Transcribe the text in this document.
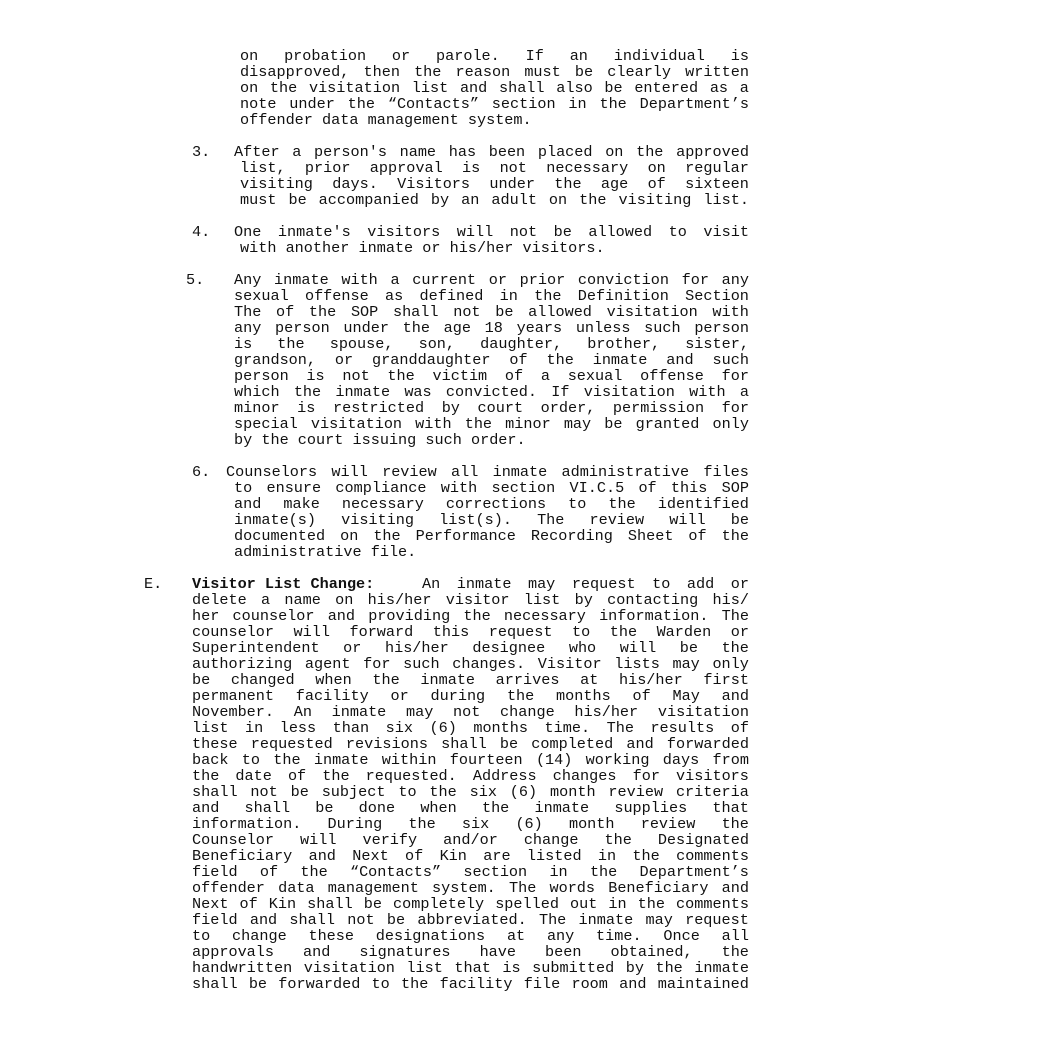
on probation or parole. If an individual is
disapproved, then the reason must be clearly written
on the visitation list and shall also be entered as a
note under the “Contacts” section in the Department’s
offender data management system.
3. After a person's name has been placed on the approved
list, prior approval is not necessary on regular
visiting days. Visitors under the age of sixteen
must be accompanied by an adult on the visiting list.
4. One inmate's visitors will not be allowed to visit
with another inmate or his/her visitors.
5. Any inmate with a current or prior conviction for any
sexual offense as defined in the Definition Section
The of the SOP shall not be allowed visitation with
any person under the age 18 years unless such person
is the spouse, son, daughter, brother, sister,
grandson, or granddaughter of the inmate and such
person is not the victim of a sexual offense for
which the inmate was convicted. If visitation with a
minor is restricted by court order, permission for
special visitation with the minor may be granted only
by the court issuing such order.
6. Counselors will review all inmate administrative files
to ensure compliance with section VI.C.5 of this SOP
and make necessary corrections to the identified
inmate(s) visiting list(s). The review will be
documented on the Performance Recording Sheet of the
administrative file.
E. Visitor List Change:	An inmate may request to add or
delete a name on his/her visitor list by contacting his/
her counselor and providing the necessary information. The
counselor will forward this request to the Warden or
Superintendent or his/her designee who will be the
authorizing agent for such changes. Visitor lists may only
be changed when the inmate arrives at his/her first
permanent facility or during the months of May and
November. An inmate may not change his/her visitation
list in less than six (6) months time. The results of
these requested revisions shall be completed and forwarded
back to the inmate within fourteen (14) working days from
the date of the requested. Address changes for visitors
shall not be subject to the six (6) month review criteria
and shall be done when the inmate supplies that
information. During the six (6) month review the
Counselor will verify and/or change the Designated
Beneficiary and Next of Kin are listed in the comments
field of the “Contacts” section in the Department’s
offender data management system. The words Beneficiary and
Next of Kin shall be completely spelled out in the comments
field and shall not be abbreviated. The inmate may request
to change these designations at any time. Once all
approvals and signatures have been obtained, the
handwritten visitation list that is submitted by the inmate
shall be forwarded to the facility file room and maintained
